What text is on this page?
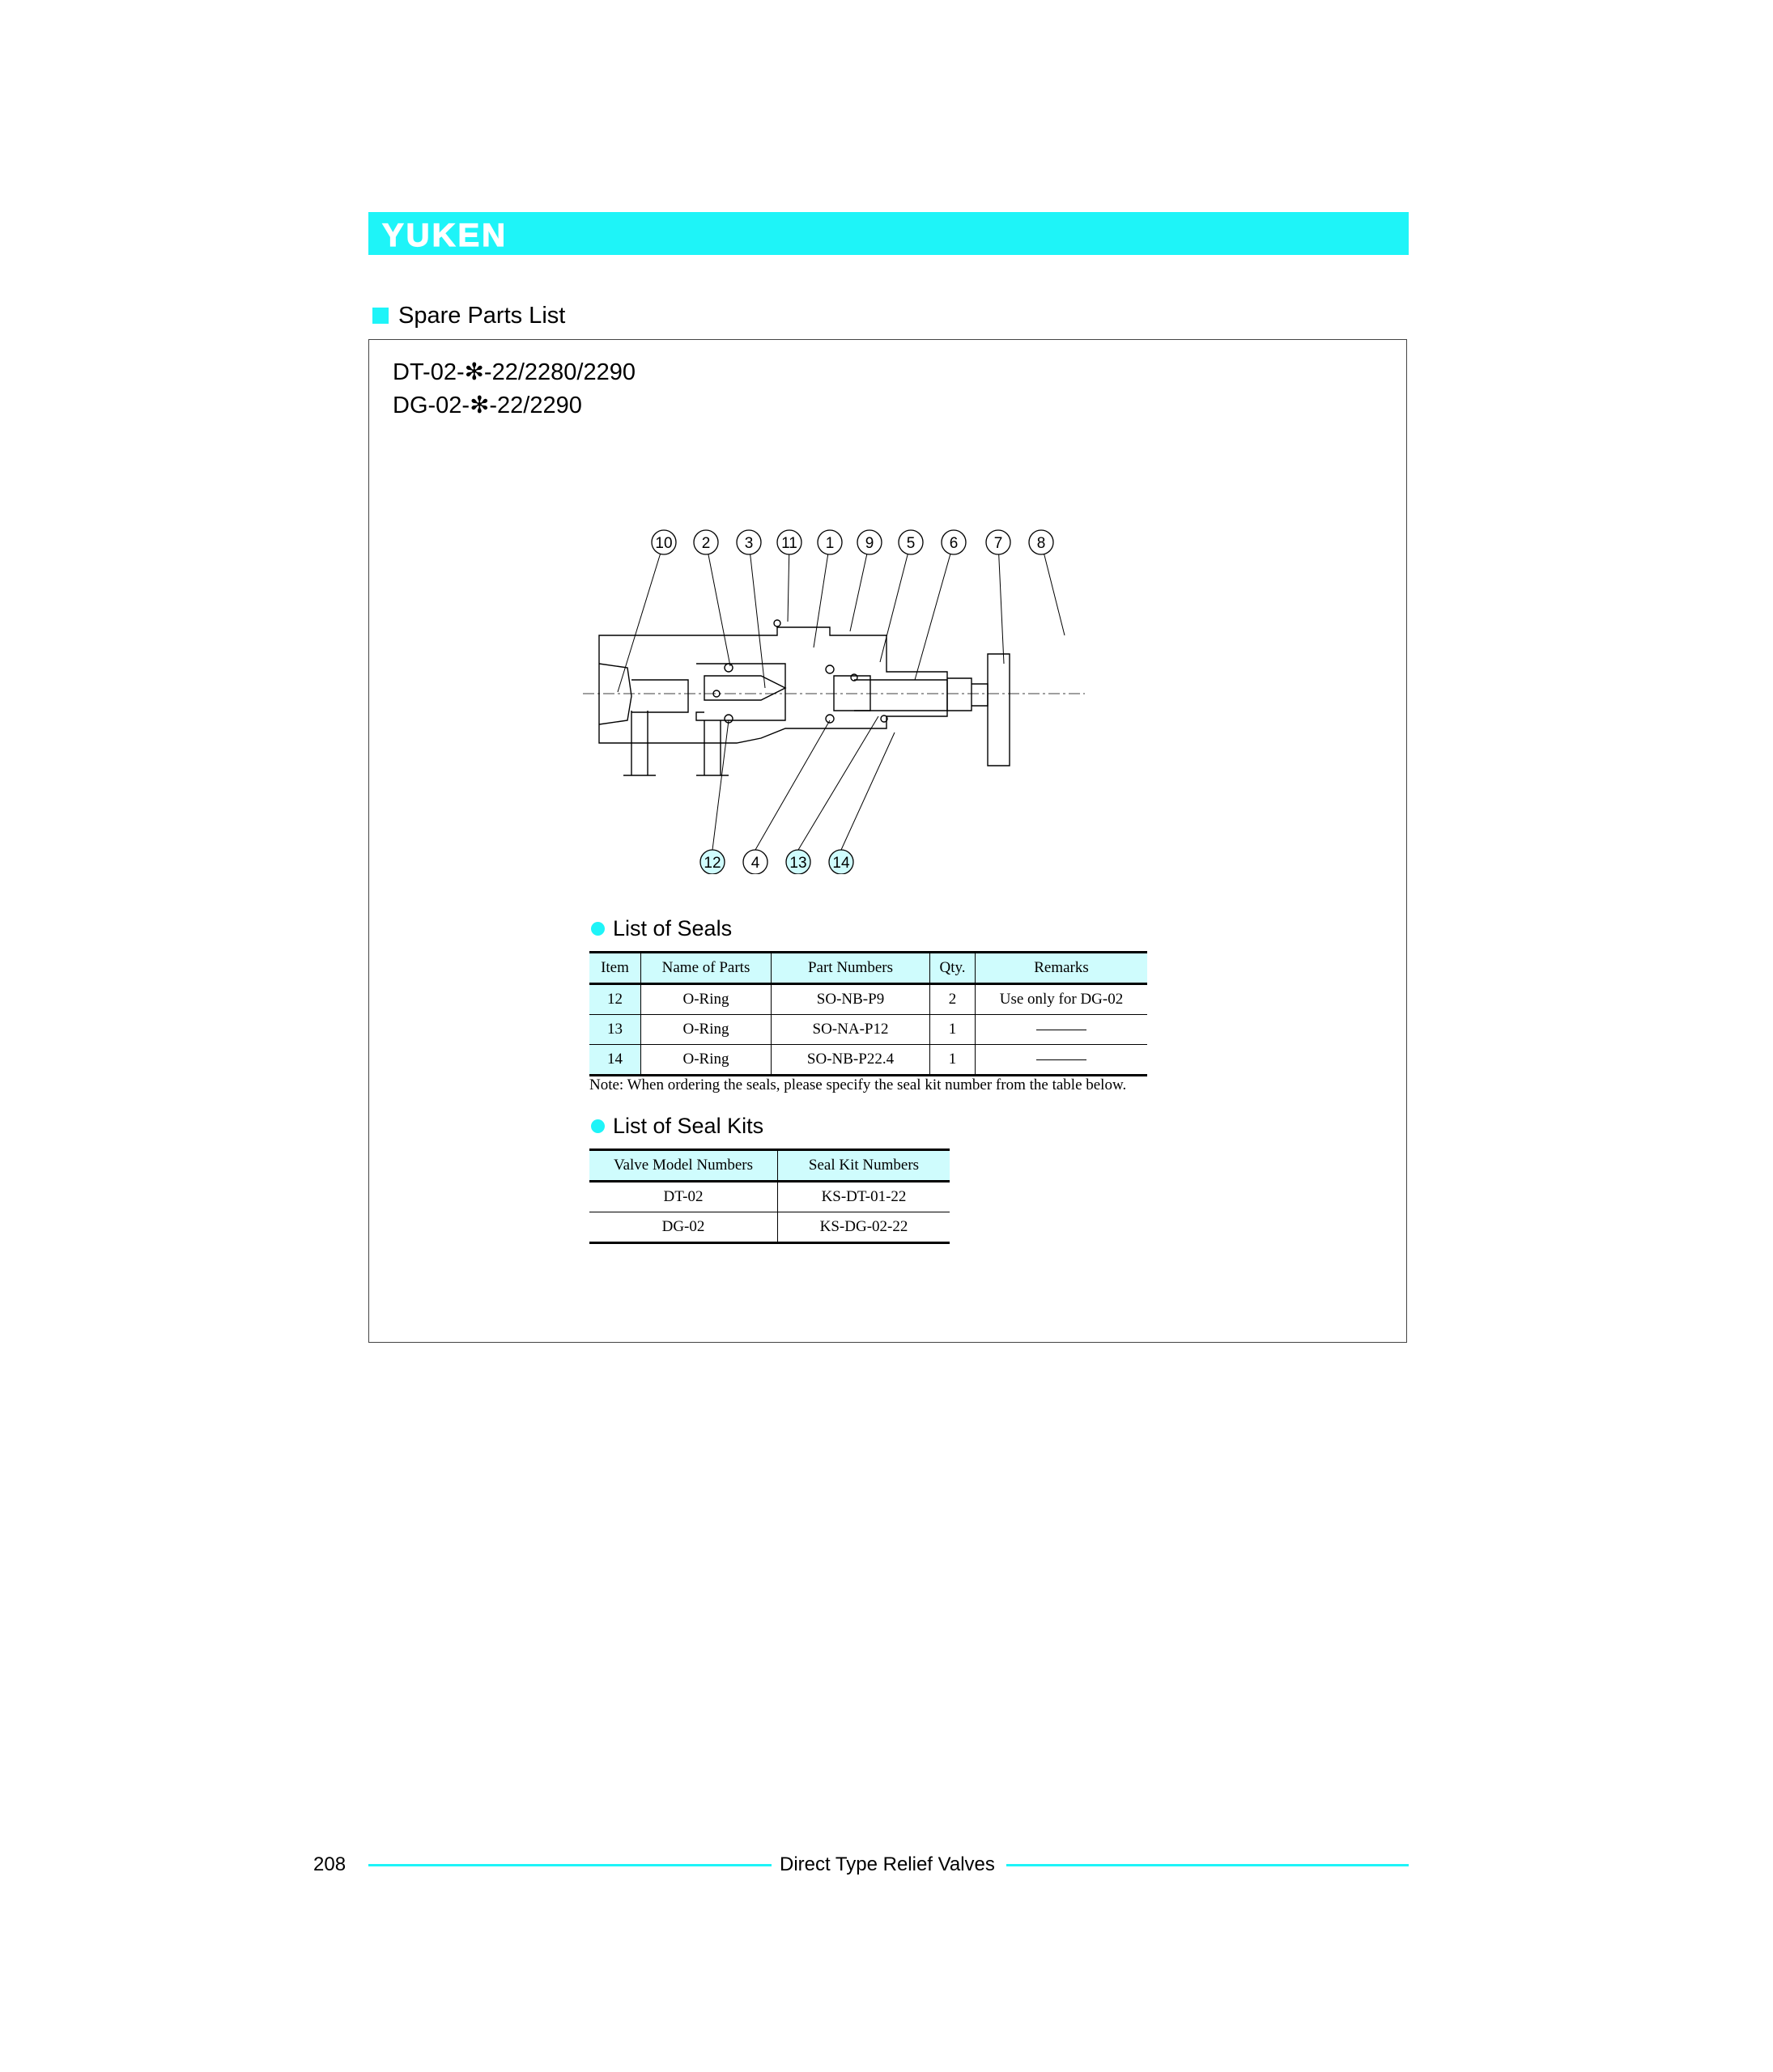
YUKEN
Spare Parts List
DT-02-✻-22/2280/2290
DG-02-✻-22/2290
10 2 3 11 1 9 5 6 7 8
12 4 13 14
List of Seals
Item	Name of Parts	Part Numbers	Qty.	Remarks
12	O-Ring	SO-NB-P9	2	Use only for DG-02
13	O-Ring	SO-NA-P12	1	
14	O-Ring	SO-NB-P22.4	1	
Note: When ordering the seals, please specify the seal kit number from the table below.
List of Seal Kits
Valve Model Numbers	Seal Kit Numbers
DT-02	KS-DT-01-22
DG-02	KS-DG-02-22
208	Direct Type Relief Valves
